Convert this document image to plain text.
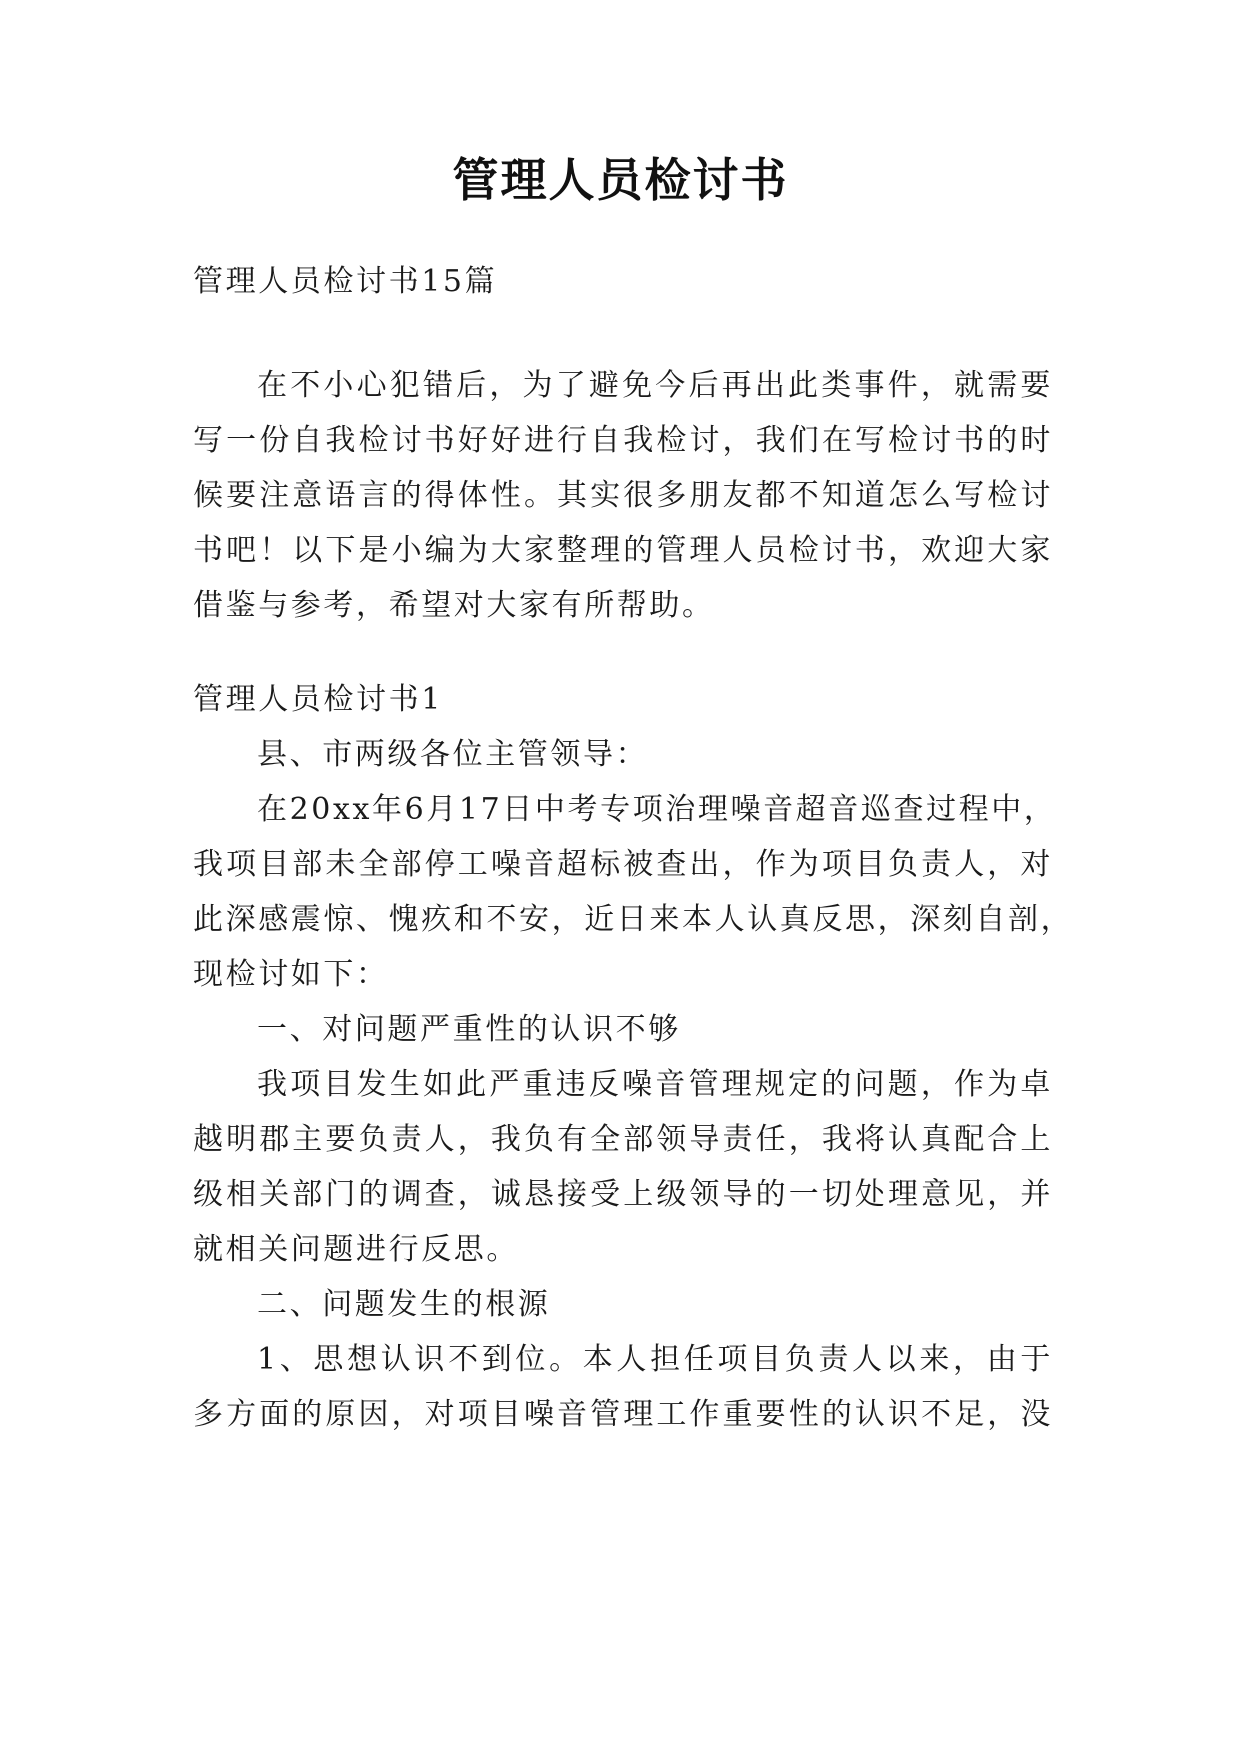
管理人员检讨书
管理人员检讨书15篇
在不小心犯错后，为了避免今后再出此类事件，就需要
写一份自我检讨书好好进行自我检讨，我们在写检讨书的时
候要注意语言的得体性。其实很多朋友都不知道怎么写检讨
书吧！以下是小编为大家整理的管理人员检讨书，欢迎大家
借鉴与参考，希望对大家有所帮助。
管理人员检讨书1
县、市两级各位主管领导：
在20xx年6月17日中考专项治理噪音超音巡查过程中，
我项目部未全部停工噪音超标被查出，作为项目负责人，对
此深感震惊、愧疚和不安，近日来本人认真反思，深刻自剖，
现检讨如下：
一、对问题严重性的认识不够
我项目发生如此严重违反噪音管理规定的问题，作为卓
越明郡主要负责人，我负有全部领导责任，我将认真配合上
级相关部门的调查，诚恳接受上级领导的一切处理意见，并
就相关问题进行反思。
二、问题发生的根源
1、思想认识不到位。本人担任项目负责人以来，由于
多方面的原因，对项目噪音管理工作重要性的认识不足，没
